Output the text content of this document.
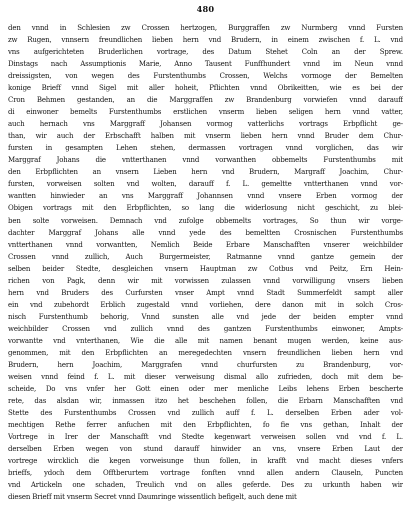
480
den vnnd in Schlesien zw Crossen hertzogen, Burggraffen zw Nurmberg vnnd Fursten
zw Rugen, vnnsern freundlichen lieben hern vnd Brudern, in einem zwischen f. L. vnd
vns aufgerichteten Bruderlichen vortrage, des Datum Stehet Coln an der Sprew.
Dinstags nach Assumptionis Marie, Anno Tausent Funffhundert vnnd im Neun vnnd
dreissigsten, von wegen des Furstenthumbs Crossen, Welchs vormoge der Bemelten
konige Brieff vnnd Sigel mit aller hoheit, Pflichten vnnd Obrikeitten, wie es bei der
Cron Behmen gestanden, an die Marggraffen zw Brandenburg vorwiefen vnnd darauff
di einwoner bemelts Furstenthumbs erstlichen vnserm lieben seligen hern vnnd vatter,
auch hernach vns Marggraff Johansen vormog vatterlichs vortrags Erbpflicht ge-
than, wir auch der Erbschafft halben mit vnserm lieben hern vnnd Bruder dem Chur-
fursten in gesampten Lehen stehen, dermassen vortragen vnnd vorglichen, das wir
Marggraf Johans die vntterthanen vnnd vorwanthen obbemelts Furstenthumbs mit
den Erbpflichten an vnsern Lieben hern vnd Brudern, Margraff Joachim, Chur-
fursten, vorweisen solten vnd wolten, darauff f. L. gemeltte vntterthanen vnnd vor-
wantten hinwieder an vns Marggraff Johannsen vnnd vnsere Erben vormog der
Obigen vortrags mit den Erbpflichten, so lang die widerlosung nicht geschicht, zu blei-
ben solte vorweisen. Demnach vnd zufolge obbemelts vortrages, So thun wir vorge-
dachter Marggraf Johans alle vnnd yede des bemeltten Crosnischen Furstenthumbs
vntterthanen vnnd vorwantten, Nemlich Beide Erbare Manschafften vnserer weichbilder
Crossen vnnd zullich, Auch Burgermeister, Ratmanne vnnd gantze gemein der
selben beider Stedte, desgleichen vnsern Hauptman zw Cotbus vnd Peitz, Ern Hein-
richen von Pagk, denn wir mit vorwissen zulassen vnnd vorwilligung vnsers lieben
hern vnd Bruders des Curfursten vnser Ampt vnnd Stadt Summerfeldt sampt aller
ein vnd zubehordt Erblich zugestald vnnd vorliehen, dere danon mit in solch Cros-
nisch Furstenthumb behorig, Vnnd sunsten alle vnd jede der beiden empter vnnd
weichbilder Crossen vnd zullich vnnd des gantzen Furstenthumbs einwoner, Ampts-
vorwantte vnd vnterthanen, Wie die alle mit namen benant mugen werden, keine aus-
genommen, mit den Erbpflichten an meregedechten vnsern freundlichen lieben hern vnd
Brudern, hern Joachim, Marggrafen vnnd churfursten zu Brandenburg, vor-
weisen vnnd feind f. L. mit dieser verweisung dismal allo zufrieden, doch mit dem be-
scheide, Do vns vnfer her Gott einen oder mer menliche Leibs lehens Erben bescherte
rete, das alsdan wir, inmassen itzo het beschehen follen, die Erbarn Manschafften vnd
Stette des Furstenthumbs Crossen vnd zullich auff f. L. derselben Erben ader vol-
mechtigen Rethe ferrer anfuchen mit den Erbpflichten, fo fie vns gethan, Inhalt der
Vortrege in Irer der Manschafft vnd Stedte kegenwart verweisen sollen vnd vnd f. L.
derselben Erben wegen von stund darauff hinwider an vns, vnsere Erben Laut der
vortrege wircklich die kegen vorweisunge thun follen, in krafft vnd macht dieses vnfers
brieffs, ydoch dem Offtberurtem vortrage fonften vnnd allen andern Clauseln, Puncten
vnd Artickeln one schaden, Treulich vnd on alles geferde. Des zu urkunth haben wir
diesen Brieff mit vnserm Secret vnnd Daumringe wissentlich befigelt, auch dene mit
